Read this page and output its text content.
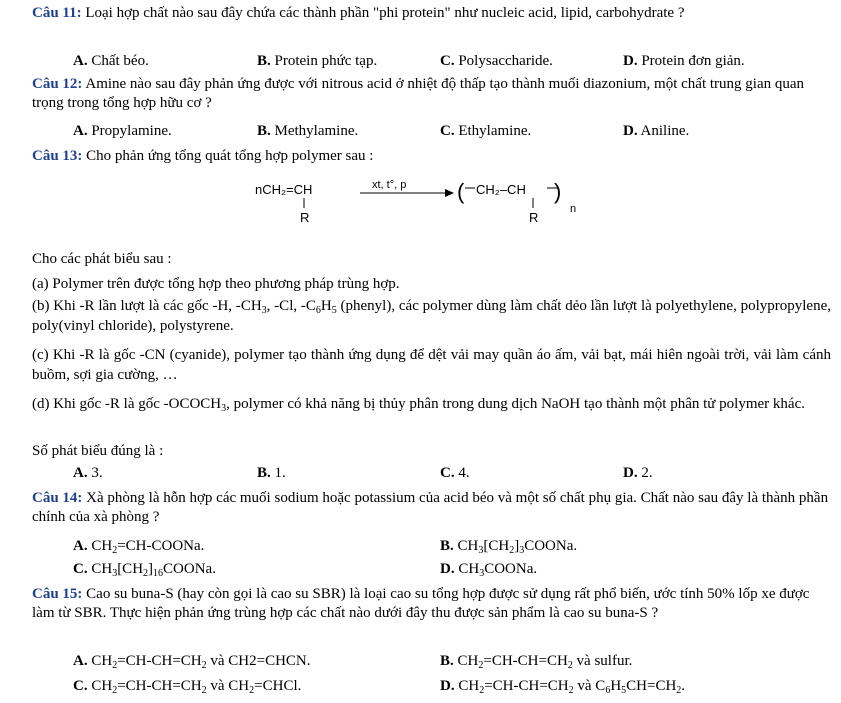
Câu 11: Loại hợp chất nào sau đây chứa các thành phần "phi protein" như nucleic acid, lipid, carbohydrate ?
A. Chất béo.	B. Protein phức tạp.	C. Polysaccharide.	D. Protein đơn giản.
Câu 12: Amine nào sau đây phản ứng được với nitrous acid ở nhiệt độ thấp tạo thành muối diazonium, một chất trung gian quan trọng trong tổng hợp hữu cơ ?
A. Propylamine.	B. Methylamine.	C. Ethylamine.	D. Aniline.
Câu 13: Cho phản ứng tổng quát tổng hợp polymer sau :
nCH₂=CH
R
xt, t°, p ( CH₂–CH
R
)
n
Cho các phát biểu sau :
(a) Polymer trên được tổng hợp theo phương pháp trùng hợp.
(b) Khi -R lần lượt là các gốc -H, $-CH_3$, -Cl, $-C_6H_5$ (phenyl), các polymer dùng làm chất dẻo lần lượt là polyethylene, polypropylene, poly(vinyl chloride), polystyrene.
(c) Khi -R là gốc -CN (cyanide), polymer tạo thành ứng dụng để dệt vải may quần áo ấm, vải bạt, mái hiên ngoài trời, vải làm cánh buồm, sợi gia cường, …
(d) Khi gốc -R là gốc $-OCOCH_3$, polymer có khả năng bị thủy phân trong dung dịch NaOH tạo thành một phân tử polymer khác.
Số phát biểu đúng là :
A. 3.	B. 1.	C. 4.	D. 2.
Câu 14: Xà phòng là hỗn hợp các muối sodium hoặc potassium của acid béo và một số chất phụ gia. Chất nào sau đây là thành phần chính của xà phòng ?
A. $CH_2=CH$-COONa.	B. $CH_3[CH_2]_3COONa$.
C. $CH_3[CH_2]_{16}COONa$.	D. $CH_3COONa$.
Câu 15: Cao su buna-S (hay còn gọi là cao su SBR) là loại cao su tổng hợp được sử dụng rất phổ biến, ước tính 50% lốp xe được làm từ SBR. Thực hiện phản ứng trùng hợp các chất nào dưới đây thu được sản phẩm là cao su buna-S ?
A. $CH_2=CH-CH=CH_2$ và CH2=CHCN.	B. $CH_2=CH-CH=CH_2$ và sulfur.
C. $CH_2=CH-CH=CH_2$ và $CH_2=CHCl$.	D. $CH_2=CH-CH=CH_2$ và $C_6H_5CH=CH_2$.
